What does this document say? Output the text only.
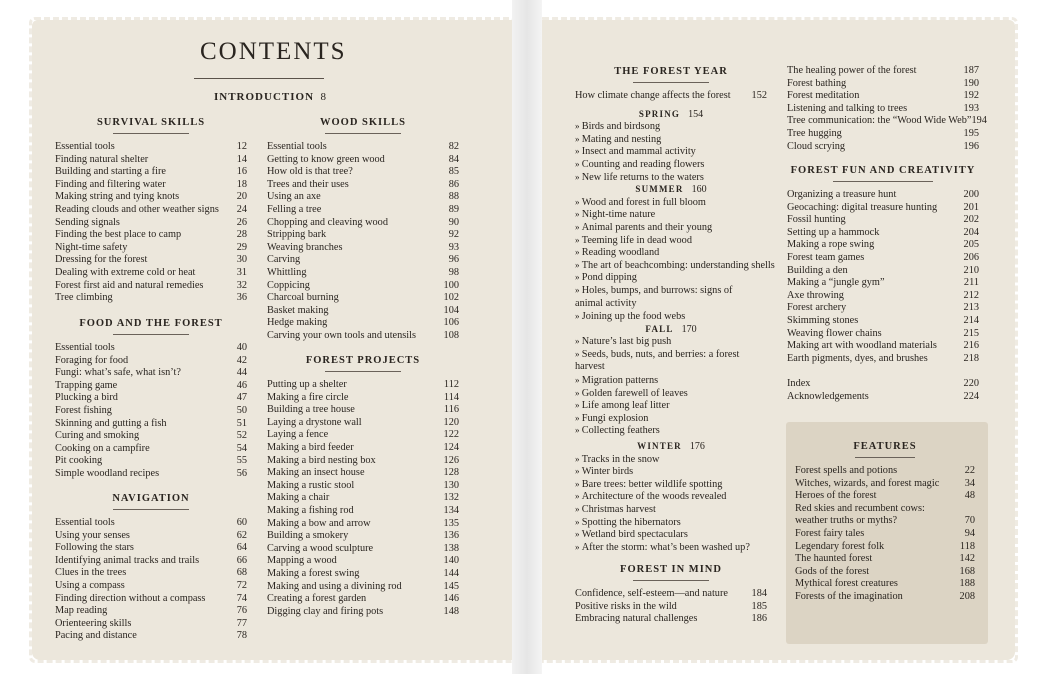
CONTENTS
INTRODUCTION 8
SURVIVAL SKILLS
Essential tools	12
Finding natural shelter	14
Building and starting a fire	16
Finding and filtering water	18
Making string and tying knots	20
Reading clouds and other weather signs 24
Sending signals	26
Finding the best place to camp	28
Night-time safety	29
Dressing for the forest	30
Dealing with extreme cold or heat	31
Forest first aid and natural remedies	32
Tree climbing	36
FOOD AND THE FOREST
Essential tools	40
Foraging for food	42
Fungi: what’s safe, what isn’t?	44
Trapping game	46
Plucking a bird	47
Forest fishing	50
Skinning and gutting a fish	51
Curing and smoking	52
Cooking on a campfire	54
Pit cooking	55
Simple woodland recipes	56
NAVIGATION
Essential tools	60
Using your senses	62
Following the stars	64
Identifying animal tracks and trails	66
Clues in the trees	68
Using a compass	72
Finding direction without a compass	74
Map reading	76
Orienteering skills	77
Pacing and distance	78
WOOD SKILLS
Essential tools	82
Getting to know green wood	84
How old is that tree?	85
Trees and their uses	86
Using an axe	88
Felling a tree	89
Chopping and cleaving wood	90
Stripping bark	92
Weaving branches	93
Carving	96
Whittling	98
Coppicing	100
Charcoal burning	102
Basket making	104
Hedge making	106
Carving your own tools and utensils	108
FOREST PROJECTS
Putting up a shelter	112
Making a fire circle	114
Building a tree house	116
Laying a drystone wall	120
Laying a fence	122
Making a bird feeder	124
Making a bird nesting box	126
Making an insect house	128
Making a rustic stool	130
Making a chair	132
Making a fishing rod	134
Making a bow and arrow	135
Building a smokery	136
Carving a wood sculpture	138
Mapping a wood	140
Making a forest swing	144
Making and using a divining rod	145
Creating a forest garden	146
Digging clay and firing pots	148
THE FOREST YEAR
How climate change affects the forest 152
SPRING 154
» Birds and birdsong
» Mating and nesting
» Insect and mammal activity
» Counting and reading flowers
» New life returns to the waters
SUMMER 160
» Wood and forest in full bloom
» Night-time nature
» Animal parents and their young
» Teeming life in dead wood
» Reading woodland
» The art of beachcombing: understanding shells
» Pond dipping
» Holes, bumps, and burrows: signs of animal activity
» Joining up the food webs
FALL 170
» Nature’s last big push
» Seeds, buds, nuts, and berries: a forest harvest
» Migration patterns
» Golden farewell of leaves
» Life among leaf litter
» Fungi explosion
» Collecting feathers
WINTER 176
» Tracks in the snow
» Winter birds
» Bare trees: better wildlife spotting
» Architecture of the woods revealed
» Christmas harvest
» Spotting the hibernators
» Wetland bird spectaculars
» After the storm: what’s been washed up?
FOREST IN MIND
Confidence, self-esteem—and nature 184
Positive risks in the wild	185
Embracing natural challenges	186
The healing power of the forest	187
Forest bathing	190
Forest meditation	192
Listening and talking to trees	193
Tree communication: the “Wood Wide Web” 194
Tree hugging	195
Cloud scrying	196
FOREST FUN AND CREATIVITY
Organizing a treasure hunt	200
Geocaching: digital treasure hunting	201
Fossil hunting	202
Setting up a hammock	204
Making a rope swing	205
Forest team games	206
Building a den	210
Making a “jungle gym”	211
Axe throwing	212
Forest archery	213
Skimming stones	214
Weaving flower chains	215
Making art with woodland materials	216
Earth pigments, dyes, and brushes	218
Index	220
Acknowledgements	224
FEATURES
Forest spells and potions	22
Witches, wizards, and forest magic 34
Heroes of the forest	48
Red skies and recumbent cows: weather truths or myths?	70
Forest fairy tales	94
Legendary forest folk	118
The haunted forest	142
Gods of the forest	168
Mythical forest creatures	188
Forests of the imagination	208
